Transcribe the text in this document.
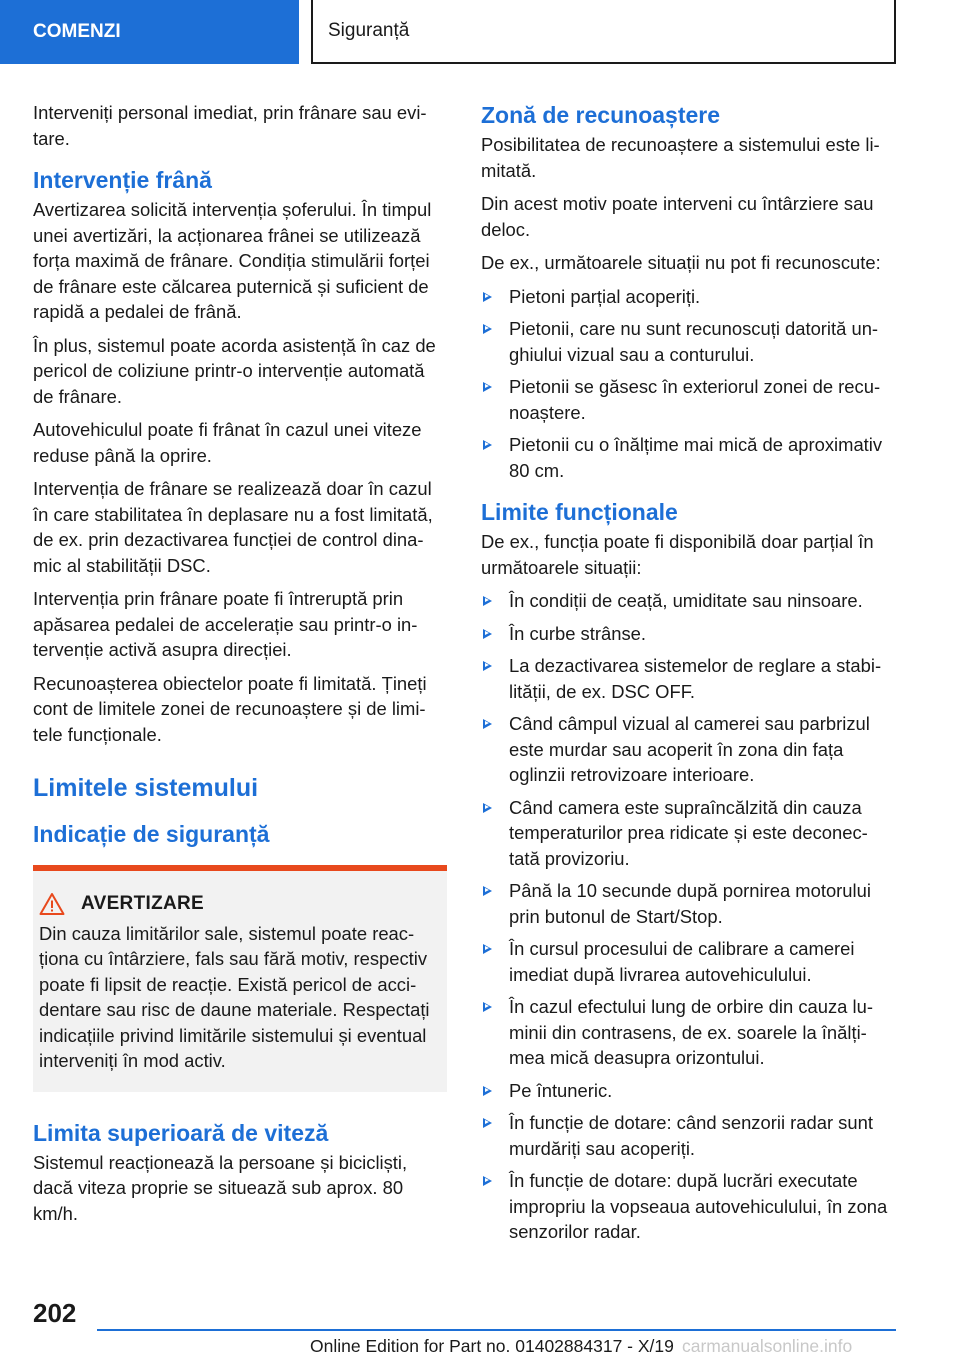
COMENZI	Siguranță

Interveniți personal imediat, prin frânare sau evi-tare.

Intervenție frână

Avertizarea solicită intervenția șoferului. În timpul unei avertizări, la acționarea frânei se utilizează forța maximă de frânare. Condiția stimulării forței de frânare este călcarea puternică și suficient de rapidă a pedalei de frână.

În plus, sistemul poate acorda asistență în caz de pericol de coliziune printr-o intervenție automată de frânare.

Autovehiculul poate fi frânat în cazul unei viteze reduse până la oprire.

Intervenția de frânare se realizează doar în cazul în care stabilitatea în deplasare nu a fost limitată, de ex. prin dezactivarea funcției de control dina-mic al stabilității DSC.

Intervenția prin frânare poate fi întreruptă prin apăsarea pedalei de accelerație sau printr-o in-tervenție activă asupra direcției.

Recunoașterea obiectelor poate fi limitată. Țineți cont de limitele zonei de recunoaștere și de limi-tele funcționale.

Limitele sistemului
Indicație de siguranță
AVERTIZARE

Din cauza limitărilor sale, sistemul poate reac-ționa cu întârziere, fals sau fără motiv, respectiv poate fi lipsit de reacție. Există pericol de acci-dentare sau risc de daune materiale. Respectați indicațiile privind limitările sistemului și eventual interveniți în mod activ.

Limita superioară de viteză

Sistemul reacționează la persoane și bicicliști, dacă viteza proprie se situează sub aprox. 80 km/h.

Zonă de recunoaștere

Posibilitatea de recunoaștere a sistemului este li-mitată.

Din acest motiv poate interveni cu întârziere sau deloc.

De ex., următoarele situații nu pot fi recunoscute:

Pietoni parțial acoperiți.
Pietonii, care nu sunt recunoscuți datorită un-ghiului vizual sau a conturului.
Pietonii se găsesc în exteriorul zonei de recu-noaștere.
Pietonii cu o înălțime mai mică de aproximativ 80 cm.
Limite funcționale

De ex., funcția poate fi disponibilă doar parțial în următoarele situații:

În condiții de ceață, umiditate sau ninsoare.
În curbe strânse.
La dezactivarea sistemelor de reglare a stabi-lității, de ex. DSC OFF.
Când câmpul vizual al camerei sau parbrizul este murdar sau acoperit în zona din fața oglinzii retrovizoare interioare.
Când camera este supraîncălzită din cauza temperaturilor prea ridicate și este deconec-tată provizoriu.
Până la 10 secunde după pornirea motorului prin butonul de Start/Stop.
În cursul procesului de calibrare a camerei imediat după livrarea autovehiculului.
În cazul efectului lung de orbire din cauza lu-minii din contrasens, de ex. soarele la înălți-mea mică deasupra orizontului.
Pe întuneric.
În funcție de dotare: când senzorii radar sunt murdăriți sau acoperiți.
În funcție de dotare: după lucrări executate impropriu la vopseaua autovehiculului, în zona senzorilor radar.
202
Online Edition for Part no. 01402884317 - X/19 carmanualsonline.info
